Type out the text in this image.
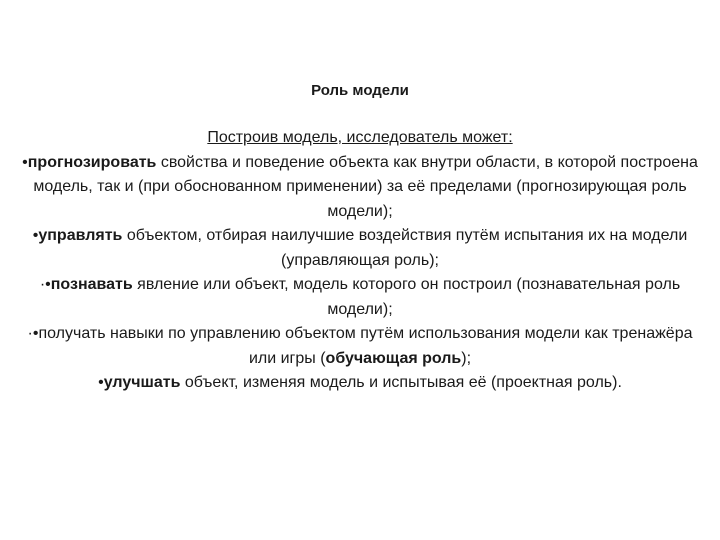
Роль модели
Построив модель, исследователь может:
•прогнозировать свойства и поведение объекта как внутри области, в которой построена модель, так и (при обоснованном применении) за её пределами (прогнозирующая роль модели);
•управлять объектом, отбирая наилучшие воздействия путём испытания их на модели (управляющая роль);
·•познавать явление или объект, модель которого он построил (познавательная роль модели);
·•получать навыки по управлению объектом путём использования модели как тренажёра или игры (обучающая роль);
•улучшать объект, изменяя модель и испытывая её (проектная роль).
